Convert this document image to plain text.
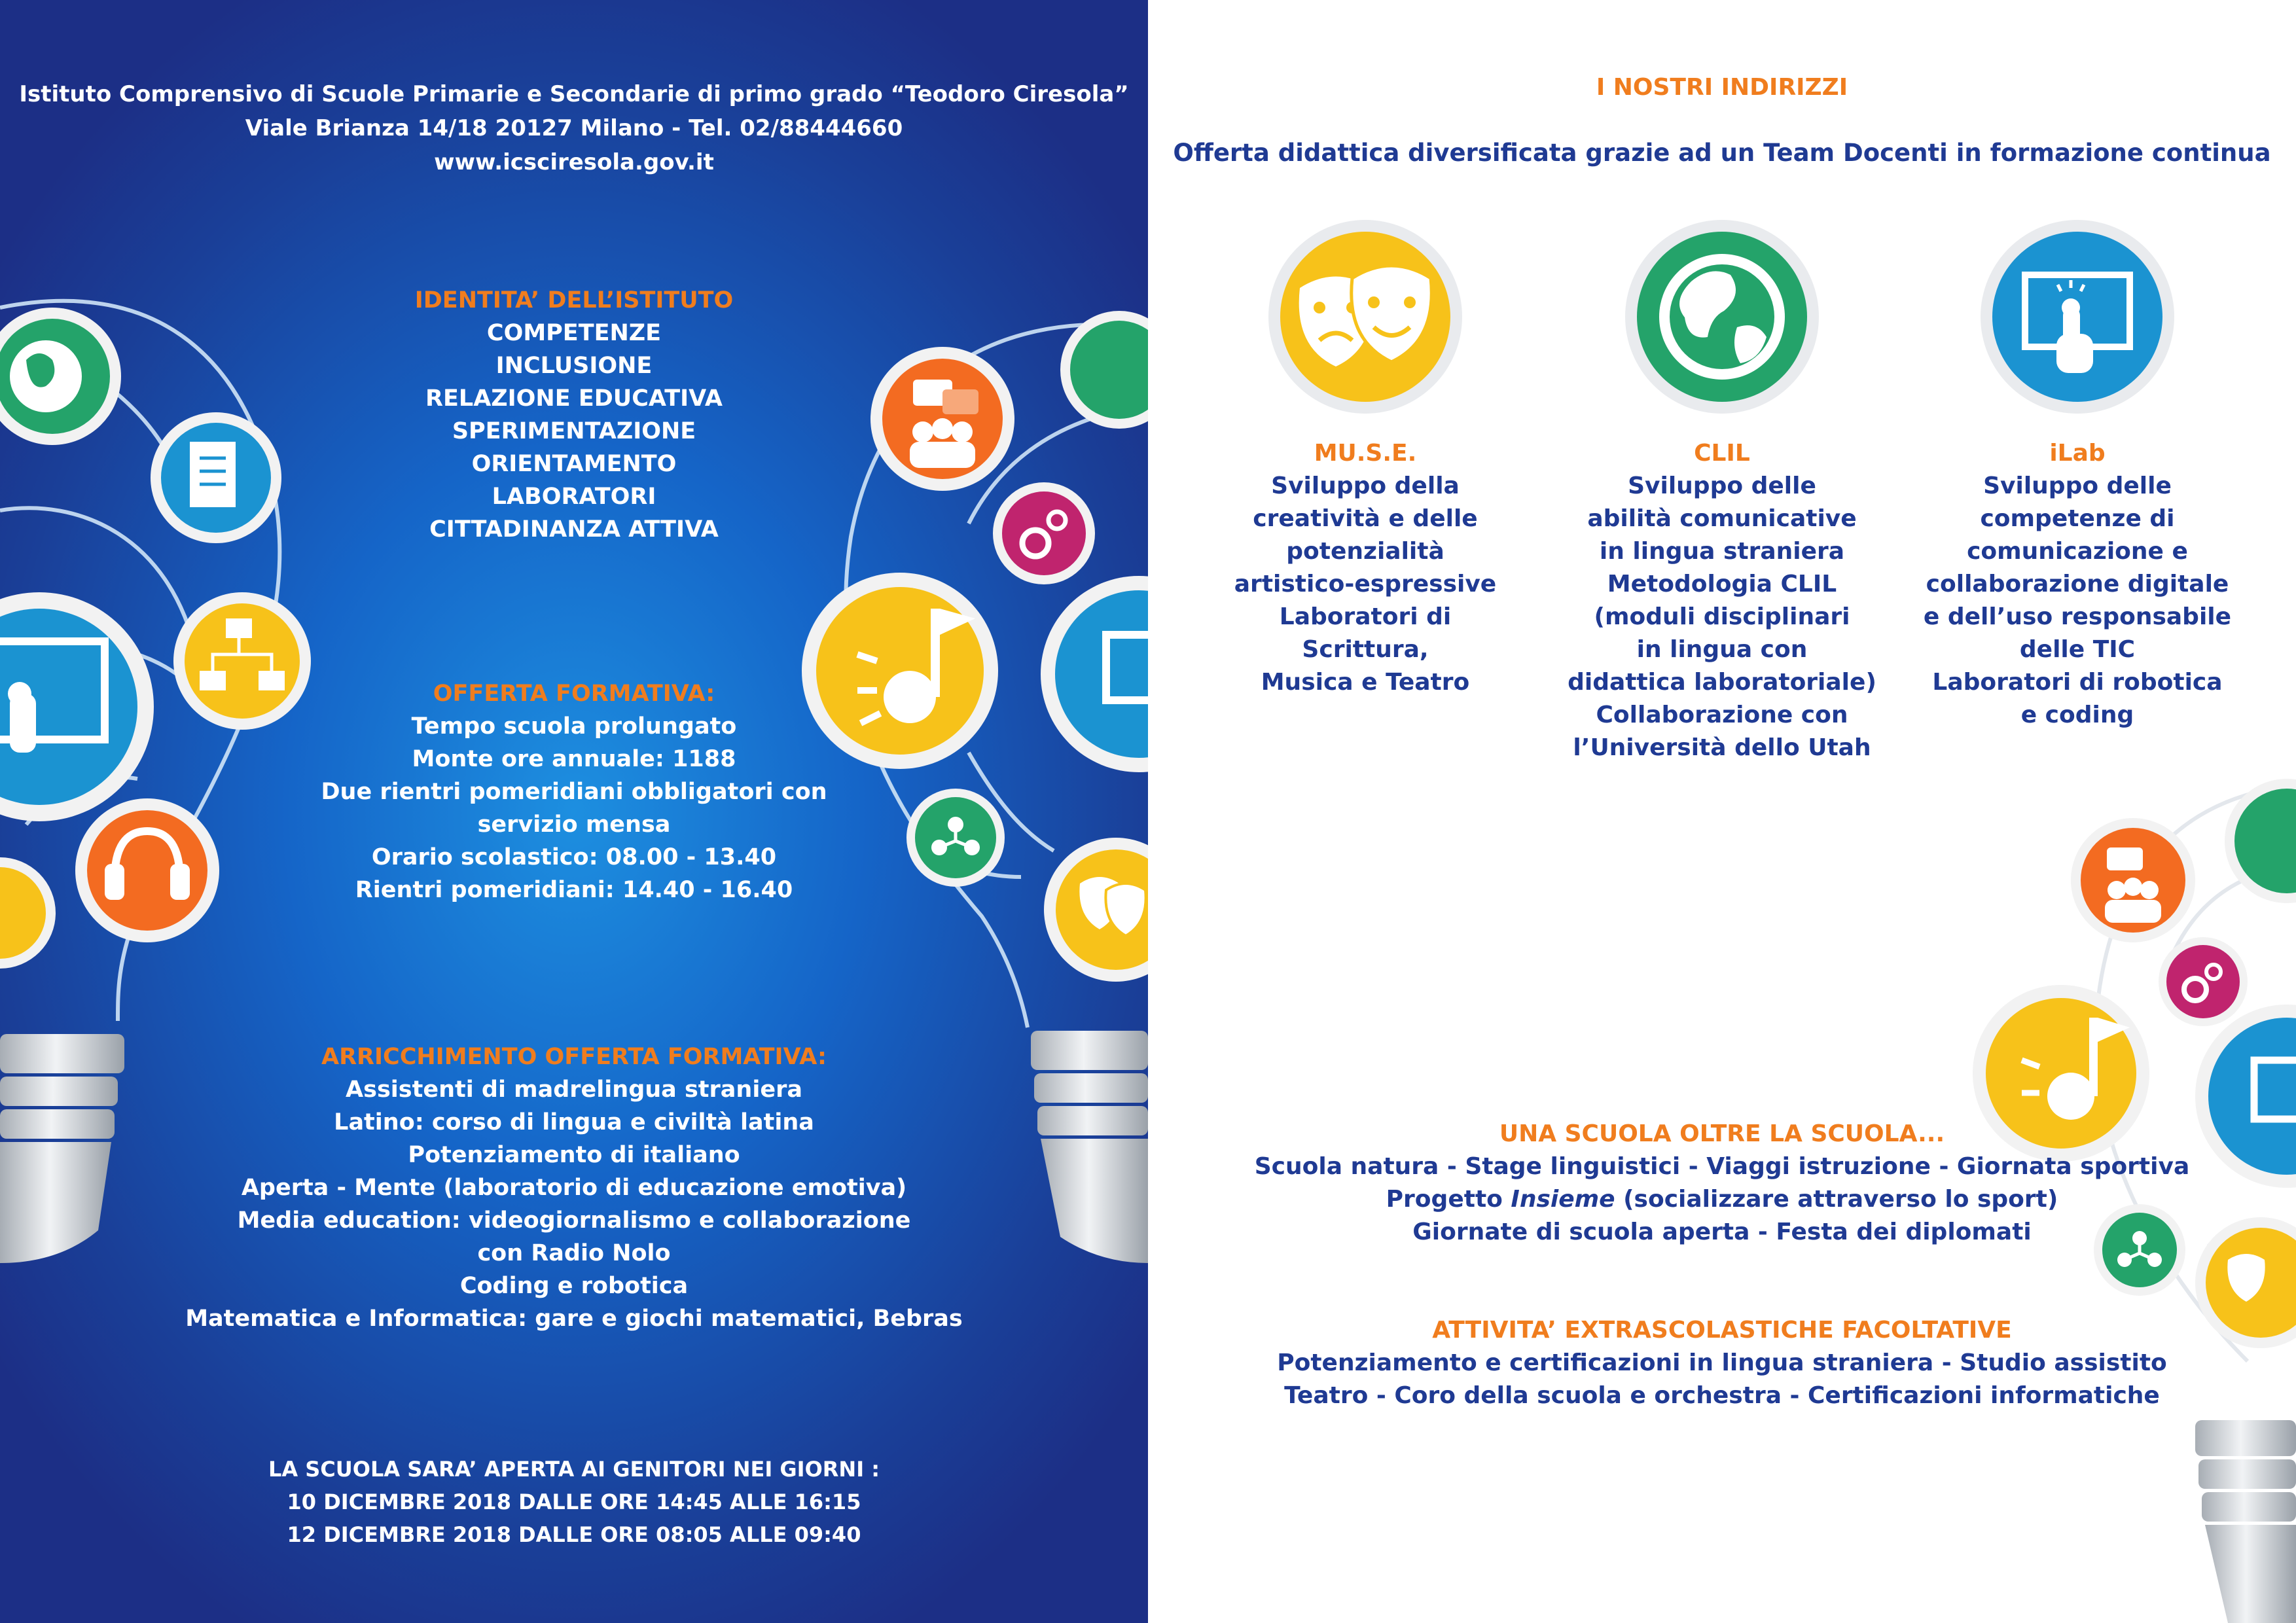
Istituto Comprensivo di Scuole Primarie e Secondarie di primo grado “Teodoro Ciresola”
Viale Brianza 14/18 20127 Milano - Tel. 02/88444660
www.icsciresola.gov.it
IDENTITA’ DELL’ISTITUTO
COMPETENZE
INCLUSIONE
RELAZIONE EDUCATIVA
SPERIMENTAZIONE
ORIENTAMENTO
LABORATORI
CITTADINANZA ATTIVA
OFFERTA FORMATIVA:
Tempo scuola prolungato
Monte ore annuale: 1188
Due rientri pomeridiani obbligatori con
servizio mensa
Orario scolastico: 08.00 - 13.40
Rientri pomeridiani: 14.40 - 16.40
ARRICCHIMENTO OFFERTA FORMATIVA:
Assistenti di madrelingua straniera
Latino: corso di lingua e civiltà latina
Potenziamento di italiano
Aperta - Mente (laboratorio di educazione emotiva)
Media education: videogiornalismo e collaborazione
con Radio Nolo
Coding e robotica
Matematica e Informatica: gare e giochi matematici, Bebras
LA SCUOLA SARA’ APERTA AI GENITORI NEI GIORNI :
10 DICEMBRE 2018 DALLE ORE 14:45 ALLE 16:15
12 DICEMBRE 2018 DALLE ORE 08:05 ALLE 09:40
I NOSTRI INDIRIZZI
Offerta didattica diversificata grazie ad un Team Docenti in formazione continua
MU.S.E.
Sviluppo della
creatività e delle
potenzialità
artistico-espressive
Laboratori di
Scrittura,
Musica e Teatro
CLIL
Sviluppo delle
abilità comunicative
in lingua straniera
Metodologia CLIL
(moduli disciplinari
in lingua con
didattica laboratoriale)
Collaborazione con
l’Università dello Utah
iLab
Sviluppo delle
competenze di
comunicazione e
collaborazione digitale
e dell’uso responsabile
delle TIC
Laboratori di robotica
e coding
UNA SCUOLA OLTRE LA SCUOLA...
Scuola natura - Stage linguistici - Viaggi istruzione - Giornata sportiva
Progetto Insieme (socializzare attraverso lo sport)
Giornate di scuola aperta - Festa dei diplomati
ATTIVITA’ EXTRASCOLASTICHE FACOLTATIVE
Potenziamento e certificazioni in lingua straniera - Studio assistito
Teatro - Coro della scuola e orchestra - Certificazioni informatiche
